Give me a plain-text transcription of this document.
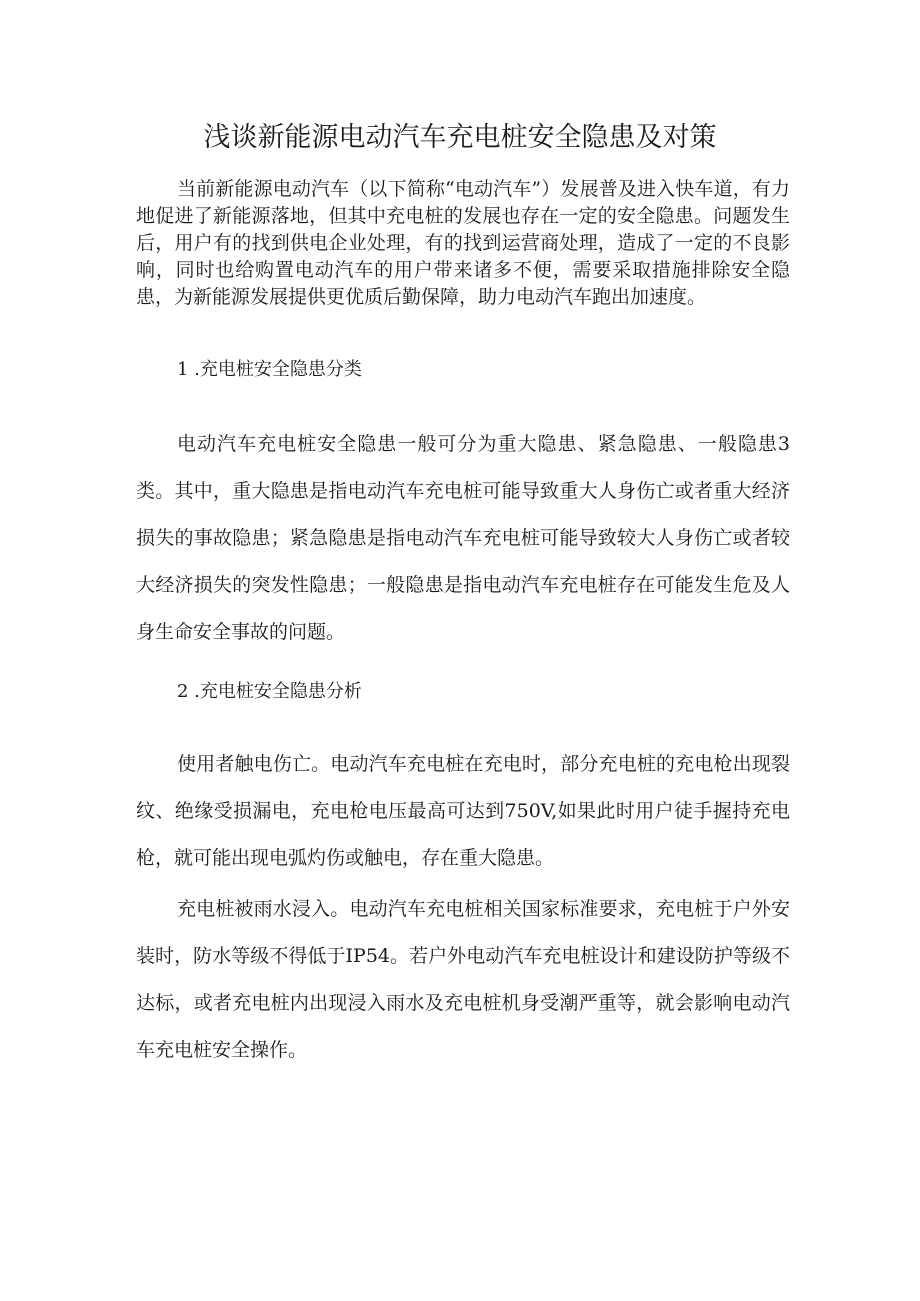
浅谈新能源电动汽车充电桩安全隐患及对策

当前新能源电动汽车（以下简称“电动汽车”）发展普及进入快车道，有力地促进了新能源落地，但其中充电桩的发展也存在一定的安全隐患。问题发生后，用户有的找到供电企业处理，有的找到运营商处理，造成了一定的不良影响，同时也给购置电动汽车的用户带来诸多不便，需要采取措施排除安全隐患，为新能源发展提供更优质后勤保障，助力电动汽车跑出加速度。

1 .充电桩安全隐患分类

电动汽车充电桩安全隐患一般可分为重大隐患、紧急隐患、一般隐患3类。其中，重大隐患是指电动汽车充电桩可能导致重大人身伤亡或者重大经济损失的事故隐患；紧急隐患是指电动汽车充电桩可能导致较大人身伤亡或者较大经济损失的突发性隐患；一般隐患是指电动汽车充电桩存在可能发生危及人身生命安全事故的问题。

2 .充电桩安全隐患分析

使用者触电伤亡。电动汽车充电桩在充电时，部分充电桩的充电枪出现裂纹、绝缘受损漏电，充电枪电压最高可达到750V,如果此时用户徒手握持充电枪，就可能出现电弧灼伤或触电，存在重大隐患。

充电桩被雨水浸入。电动汽车充电桩相关国家标准要求，充电桩于户外安装时，防水等级不得低于IP54。若户外电动汽车充电桩设计和建设防护等级不达标，或者充电桩内出现浸入雨水及充电桩机身受潮严重等，就会影响电动汽车充电桩安全操作。
